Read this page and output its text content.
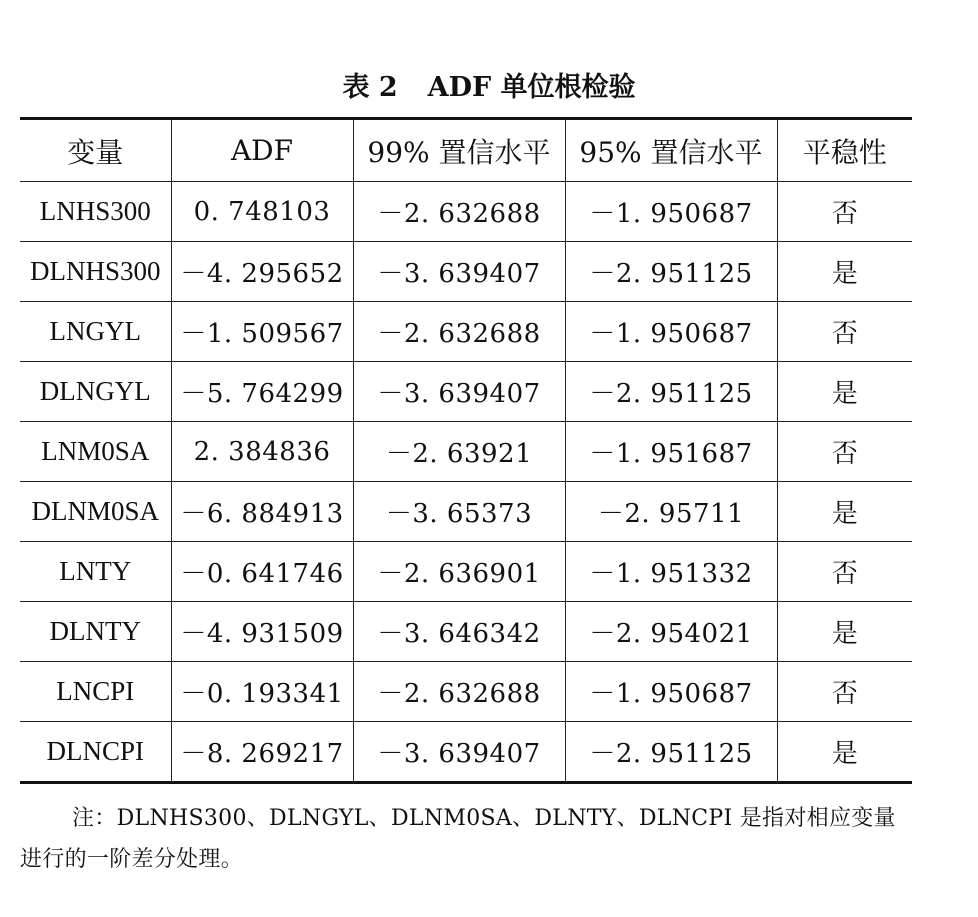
表 2 ADF 单位根检验
变量	ADF	99% 置信水平	95% 置信水平	平稳性
LNHS300	0. 748103	－2. 632688	－1. 950687	否
DLNHS300	－4. 295652	－3. 639407	－2. 951125	是
LNGYL	－1. 509567	－2. 632688	－1. 950687	否
DLNGYL	－5. 764299	－3. 639407	－2. 951125	是
LNM0SA	2. 384836	－2. 63921	－1. 951687	否
DLNM0SA	－6. 884913	－3. 65373	－2. 95711	是
LNTY	－0. 641746	－2. 636901	－1. 951332	否
DLNTY	－4. 931509	－3. 646342	－2. 954021	是
LNCPI	－0. 193341	－2. 632688	－1. 950687	否
DLNCPI	－8. 269217	－3. 639407	－2. 951125	是
注：DLNHS300、DLNGYL、DLNM0SA、DLNTY、DLNCPI 是指对相应变量进行的一阶差分处理。
